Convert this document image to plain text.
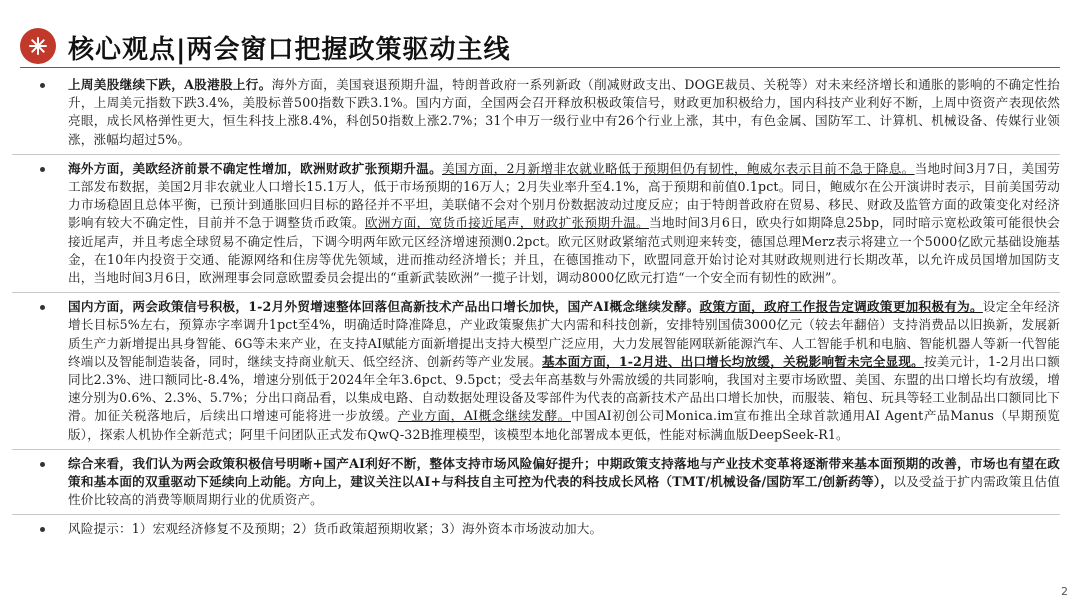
核心观点|两会窗口把握政策驱动主线

上周美股继续下跌，A股港股上行。海外方面，美国衰退预期升温，特朗普政府一系列新政（削减财政支出、DOGE裁员、关税等）对未来经济增长和通胀的影响的不确定性抬升，上周美元指数下跌3.4%，美股标普500指数下跌3.1%。国内方面，全国两会召开释放积极政策信号，财政更加积极给力，国内科技产业利好不断，上周中资资产表现依然亮眼，成长风格弹性更大，恒生科技上涨8.4%，科创50指数上涨2.7%；31个申万一级行业中有26个行业上涨，其中，有色金属、国防军工、计算机、机械设备、传媒行业领涨，涨幅均超过5%。

海外方面，美欧经济前景不确定性增加，欧洲财政扩张预期升温。美国方面，2月新增非农就业略低于预期但仍有韧性，鲍威尔表示目前不急于降息。当地时间3月7日，美国劳工部发布数据，美国2月非农就业人口增长15.1万人，低于市场预期的16万人；2月失业率升至4.1%，高于预期和前值0.1pct。同日，鲍威尔在公开演讲时表示，目前美国劳动力市场稳固且总体平衡，已预计到通胀回归目标的路径并不平坦，美联储不会对个别月份数据波动过度反应；由于特朗普政府在贸易、移民、财政及监管方面的政策变化对经济影响有较大不确定性，目前并不急于调整货币政策。欧洲方面，宽货币接近尾声，财政扩张预期升温。当地时间3月6日，欧央行如期降息25bp，同时暗示宽松政策可能很快会接近尾声，并且考虑全球贸易不确定性后，下调今明两年欧元区经济增速预测0.2pct。欧元区财政紧缩范式则迎来转变，德国总理Merz表示将建立一个5000亿欧元基础设施基金，在10年内投资于交通、能源网络和住房等优先领域，进而推动经济增长；并且，在德国推动下，欧盟同意开始讨论对其财政规则进行长期改革，以允许成员国增加国防支出，当地时间3月6日，欧洲理事会同意欧盟委员会提出的“重新武装欧洲”一揽子计划，调动8000亿欧元打造“一个安全而有韧性的欧洲”。

国内方面，两会政策信号积极，1-2月外贸增速整体回落但高新技术产品出口增长加快，国产AI概念继续发酵。政策方面，政府工作报告定调政策更加积极有为。设定全年经济增长目标5%左右，预算赤字率调升1pct至4%，明确适时降准降息，产业政策聚焦扩大内需和科技创新，安排特别国债3000亿元（较去年翻倍）支持消费品以旧换新，发展新质生产力新增提出具身智能、6G等未来产业，在支持AI赋能方面新增提出支持大模型广泛应用，大力发展智能网联新能源汽车、人工智能手机和电脑、智能机器人等新一代智能终端以及智能制造装备，同时，继续支持商业航天、低空经济、创新药等产业发展。基本面方面，1-2月进、出口增长均放缓，关税影响暂未完全显现。按美元计，1-2月出口额同比2.3%、进口额同比-8.4%，增速分别低于2024年全年3.6pct、9.5pct；受去年高基数与外需放缓的共同影响，我国对主要市场欧盟、美国、东盟的出口增长均有放缓，增速分别为0.6%、2.3%、5.7%；分出口商品看，以集成电路、自动数据处理设备及零部件为代表的高新技术产品出口增长加快，而服装、箱包、玩具等轻工业制品出口额同比下滑。加征关税落地后，后续出口增速可能将进一步放缓。产业方面，AI概念继续发酵。中国AI初创公司Monica.im宣布推出全球首款通用AI Agent产品Manus（早期预览版），探索人机协作全新范式；阿里千问团队正式发布QwQ-32B推理模型，该模型本地化部署成本更低，性能对标满血版DeepSeek-R1。

综合来看，我们认为两会政策积极信号明晰+国产AI利好不断，整体支持市场风险偏好提升；中期政策支持落地与产业技术变革将逐渐带来基本面预期的改善，市场也有望在政策和基本面的双重驱动下延续向上动能。方向上，建议关注以AI+与科技自主可控为代表的科技成长风格（TMT/机械设备/国防军工/创新药等），以及受益于扩内需政策且估值性价比较高的消费等顺周期行业的优质资产。

风险提示：1）宏观经济修复不及预期；2）货币政策超预期收紧；3）海外资本市场波动加大。

2
